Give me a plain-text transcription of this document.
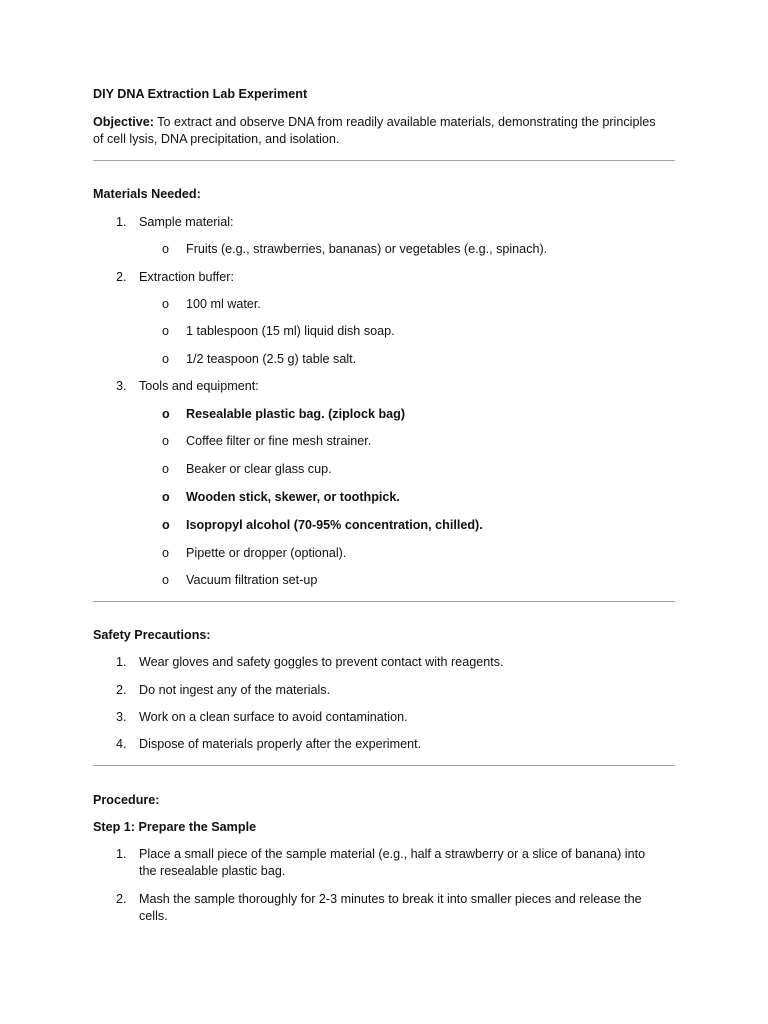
DIY DNA Extraction Lab Experiment
Objective: To extract and observe DNA from readily available materials, demonstrating the principles
of cell lysis, DNA precipitation, and isolation.
Materials Needed:
1. Sample material:
o Fruits (e.g., strawberries, bananas) or vegetables (e.g., spinach).
2. Extraction buffer:
o 100 ml water.
o 1 tablespoon (15 ml) liquid dish soap.
o 1/2 teaspoon (2.5 g) table salt.
3. Tools and equipment:
o Resealable plastic bag. (ziplock bag)
o Coffee filter or fine mesh strainer.
o Beaker or clear glass cup.
o Wooden stick, skewer, or toothpick.
o Isopropyl alcohol (70-95% concentration, chilled).
o Pipette or dropper (optional).
o Vacuum filtration set-up
Safety Precautions:
1. Wear gloves and safety goggles to prevent contact with reagents.
2. Do not ingest any of the materials.
3. Work on a clean surface to avoid contamination.
4. Dispose of materials properly after the experiment.
Procedure:
Step 1: Prepare the Sample
1. Place a small piece of the sample material (e.g., half a strawberry or a slice of banana) into
the resealable plastic bag.
2. Mash the sample thoroughly for 2-3 minutes to break it into smaller pieces and release the
cells.
